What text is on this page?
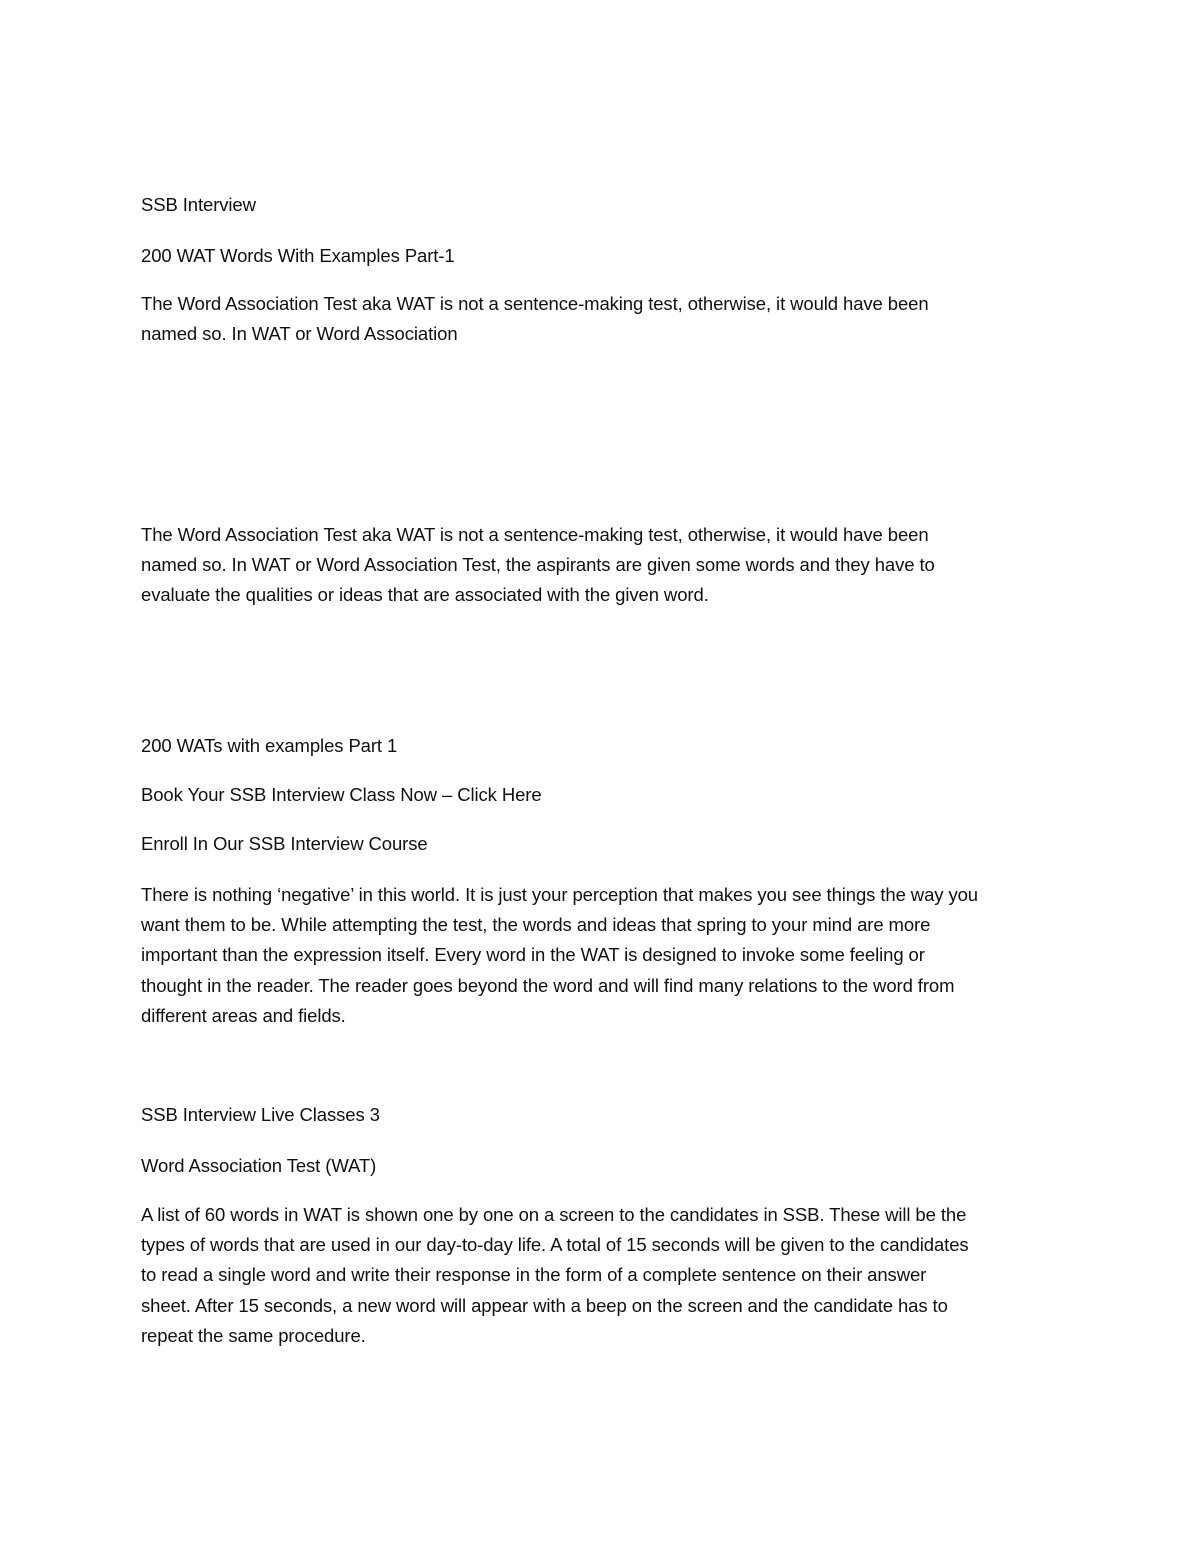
SSB Interview

200 WAT Words With Examples Part-1

The Word Association Test aka WAT is not a sentence-making test, otherwise, it would have been
named so. In WAT or Word Association

The Word Association Test aka WAT is not a sentence-making test, otherwise, it would have been
named so. In WAT or Word Association Test, the aspirants are given some words and they have to
evaluate the qualities or ideas that are associated with the given word.

200 WATs with examples Part 1

Book Your SSB Interview Class Now – Click Here

Enroll In Our SSB Interview Course

There is nothing ‘negative’ in this world. It is just your perception that makes you see things the way you
want them to be. While attempting the test, the words and ideas that spring to your mind are more
important than the expression itself. Every word in the WAT is designed to invoke some feeling or
thought in the reader. The reader goes beyond the word and will find many relations to the word from
different areas and fields.

SSB Interview Live Classes 3

Word Association Test (WAT)

A list of 60 words in WAT is shown one by one on a screen to the candidates in SSB. These will be the
types of words that are used in our day-to-day life. A total of 15 seconds will be given to the candidates
to read a single word and write their response in the form of a complete sentence on their answer
sheet. After 15 seconds, a new word will appear with a beep on the screen and the candidate has to
repeat the same procedure.
